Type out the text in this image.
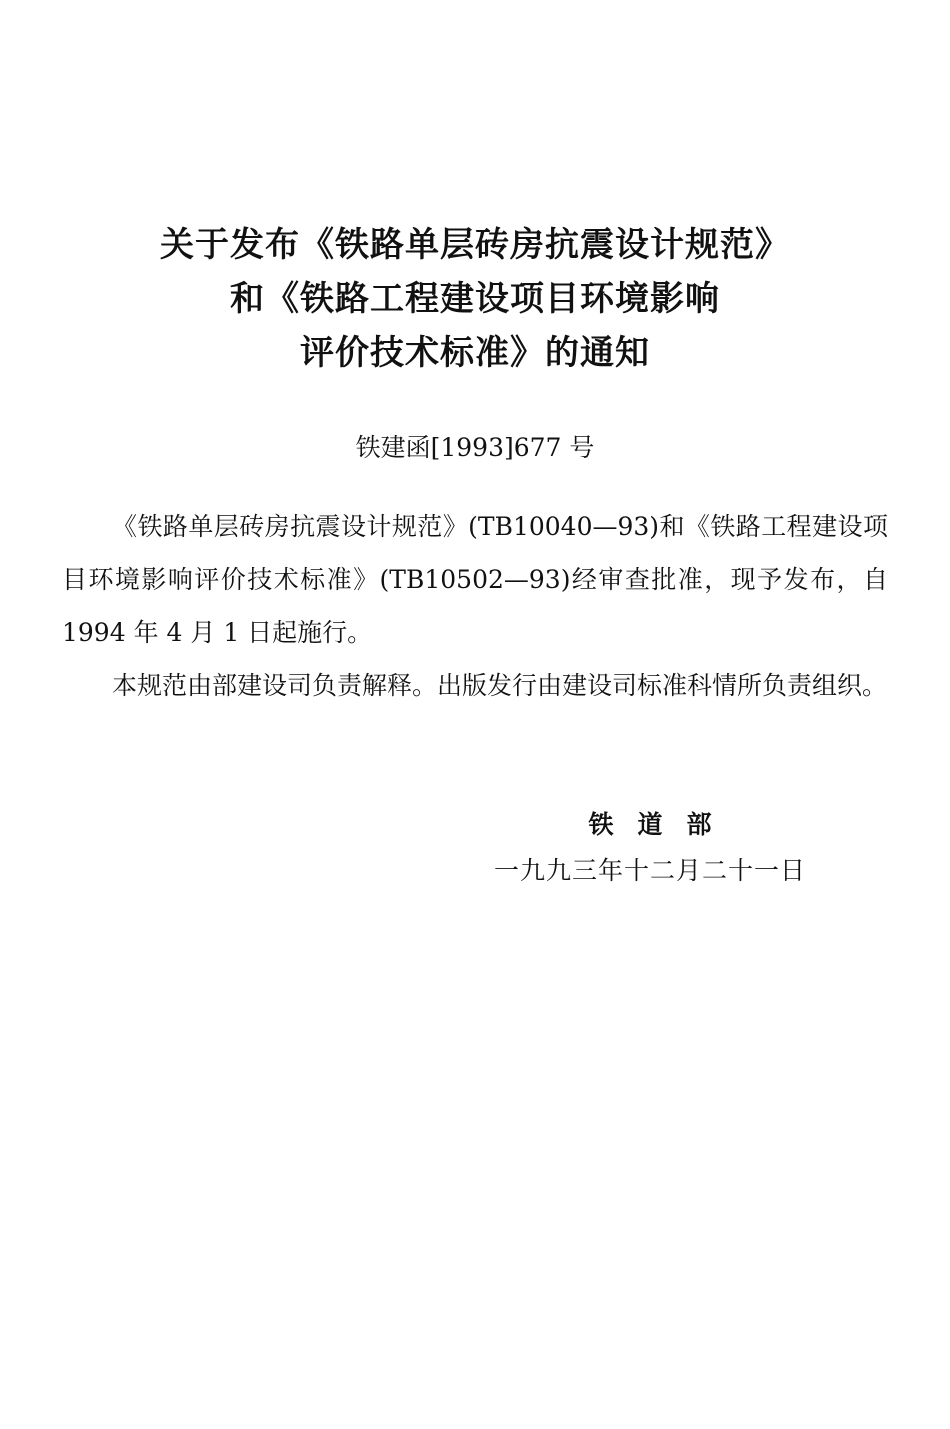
关于发布《铁路单层砖房抗震设计规范》
和《铁路工程建设项目环境影响
评价技术标准》的通知
铁建函[1993]677 号

《铁路单层砖房抗震设计规范》(TB10040—93)和《铁路工程建设项目环境影响评价技术标准》(TB10502—93)经审查批准，现予发布，自 1994 年 4 月 1 日起施行。

本规范由部建设司负责解释。出版发行由建设司标准科情所负责组织。

铁道部
一九九三年十二月二十一日
